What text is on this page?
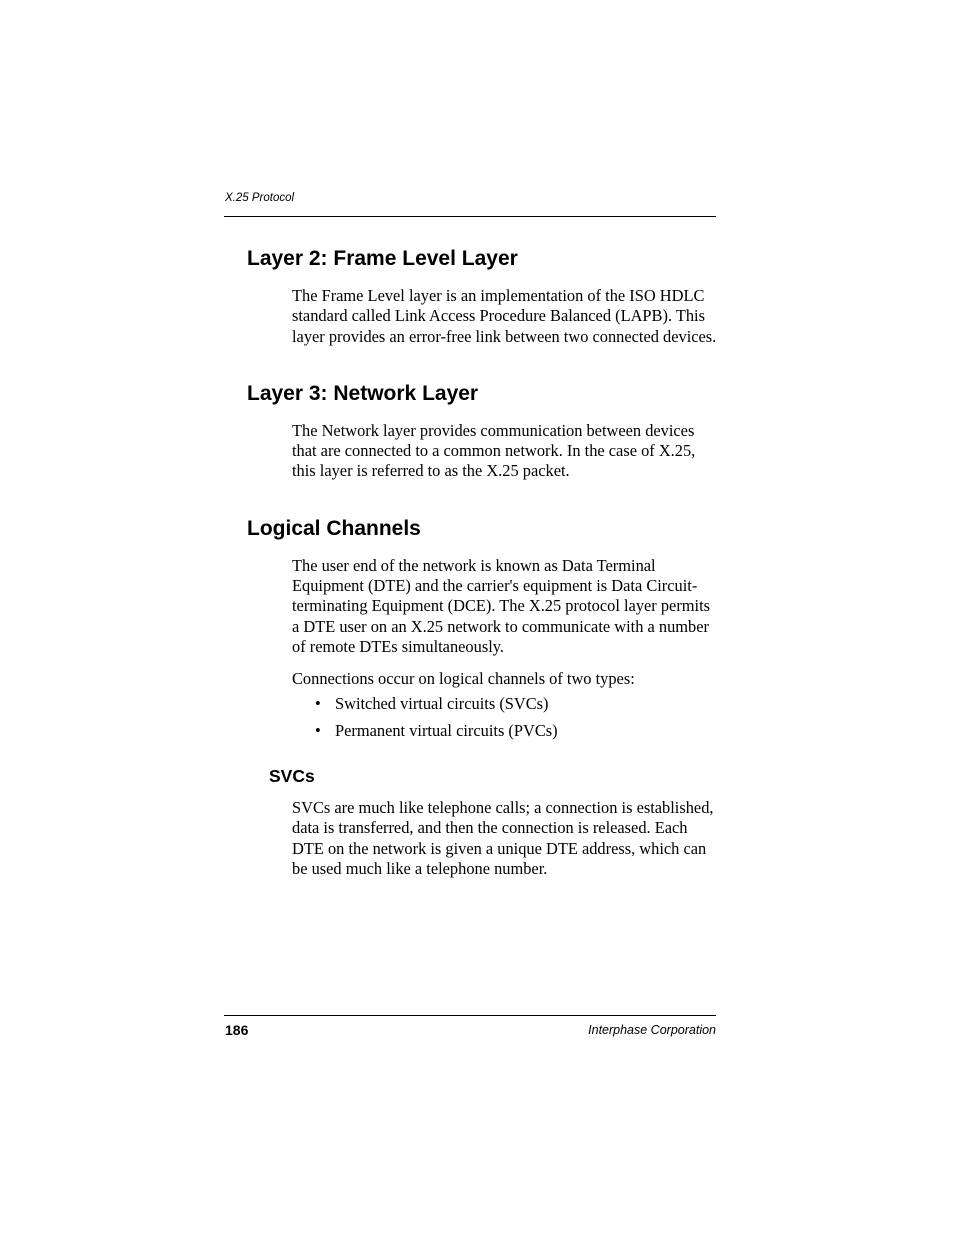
X.25 Protocol
Layer 2: Frame Level Layer

The Frame Level layer is an implementation of the ISO HDLC standard called Link Access Procedure Balanced (LAPB). This layer provides an error-free link between two connected devices.

Layer 3: Network Layer

The Network layer provides communication between devices that are connected to a common network. In the case of X.25, this layer is referred to as the X.25 packet.

Logical Channels

The user end of the network is known as Data Terminal Equipment (DTE) and the carrier's equipment is Data Circuit-terminating Equipment (DCE). The X.25 protocol layer permits a DTE user on an X.25 network to communicate with a number of remote DTEs simultaneously.

Connections occur on logical channels of two types:

• Switched virtual circuits (SVCs)
• Permanent virtual circuits (PVCs)
SVCs

SVCs are much like telephone calls; a connection is established, data is transferred, and then the connection is released. Each DTE on the network is given a unique DTE address, which can be used much like a telephone number.

186	Interphase Corporation
